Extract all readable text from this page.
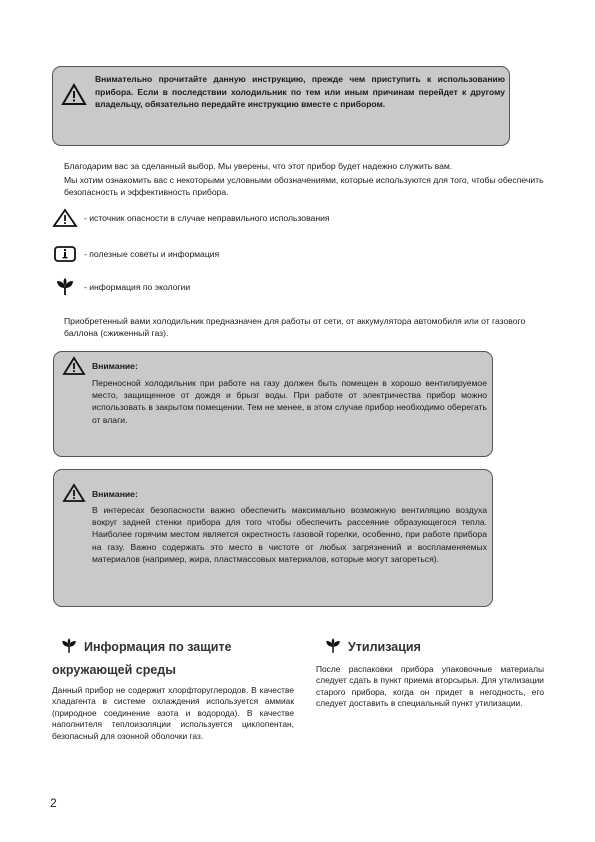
Внимательно прочитайте данную инструкцию, прежде чем приступить к использованию прибора. Если в последствии холодильник по тем или иным причинам перейдет к другому владельцу, обязательно передайте инструкцию вместе с прибором.
Благодарим вас за сделанный выбор. Мы уверены, что этот прибор будет надежно служить вам.
Мы хотим ознакомить вас с некоторыми условными обозначениями, которые используются для того, чтобы обеспечить безопасность и эффективность прибора.
- источник опасности в случае неправильного использования
- полезные советы и информация
- информация по экологии
Приобретенный вами холодильник предназначен для работы от сети, от аккумулятора автомобиля или от газового баллона (сжиженный газ).
Внимание:
Переносной холодильник при работе на газу должен быть помещен в хорошо вентилируемое место, защищенное от дождя и брызг воды. При работе от электричества прибор можно использовать в закрытом помещении. Тем не менее, в этом случае прибор необходимо оберегать от влаги.
Внимание:
В интересах безопасности важно обеспечить максимально возможную вентиляцию воздуха вокруг задней стенки прибора для того чтобы обеспечить рассеяние образующегося тепла. Наиболее горячим местом является окрестность газовой горелки, особенно, при работе прибора на газу. Важно содержать это место в чистоте от любых загрязнений и воспламеняемых материалов (например, жира, пластмассовых материалов, которые могут загореться).
Информация по защите
окружающей среды
Данный прибор не содержит хлорфторуглеродов. В качестве хладагента в системе охлаждения используется аммиак (природное соединение азота и водорода). В качестве наполнителя теплоизоляции используется циклопентан, безопасный для озонной оболочки газ.
Утилизация
После распаковки прибора упаковочные материалы следует сдать в пункт приема вторсырья. Для утилизации старого прибора, когда он придет в негодность, его следует доставить в специальный пункт утилизации.
2
